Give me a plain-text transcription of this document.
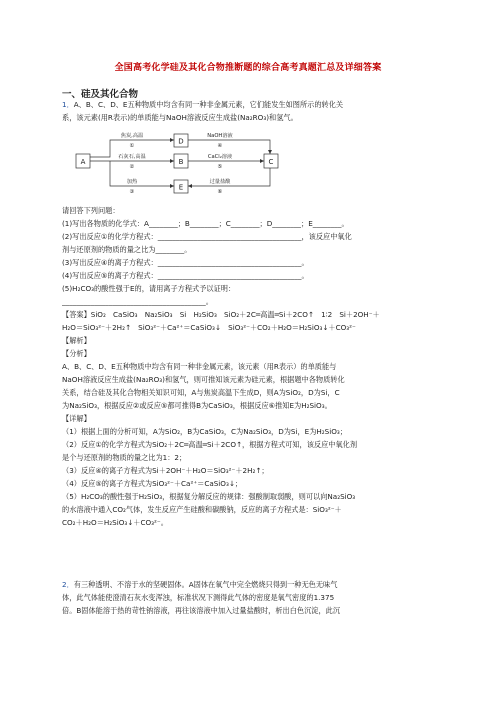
全国高考化学硅及其化合物推断题的综合高考真题汇总及详细答案
一、硅及其化合物
1．A、B、C、D、E五种物质中均含有同一种非金属元素，它们能发生如图所示的转化关
系，该元素(用R表示)的单质能与NaOH溶液反应生成盐(Na₂RO₃)和氢气。
A
D
B
E
C
焦炭,高温
①
石灰石,高温
②
加热
③
NaOH溶液
④
CaCl₂溶液
⑤
过量盐酸
⑥
请回答下列问题：
(1)写出各物质的化学式：A________；B________；C________；D________；E________。
(2)写出反应①的化学方程式：________________________________________，该反应中氧化
剂与还原剂的物质的量之比为________。
(3)写出反应④的离子方程式：________________________________________。
(4)写出反应⑤的离子方程式：________________________________________。
(5)H₂CO₃的酸性强于E的，请用离子方程式予以证明：
________________________________________。
【答案】SiO₂　CaSiO₃　Na₂SiO₃　Si　H₂SiO₃　SiO₂＋2C═高温═Si＋2CO↑　1∶2　Si＋2OH⁻＋
H₂O＝SiO₃²⁻＋2H₂↑　SiO₃²⁻＋Ca²⁺＝CaSiO₃↓　SiO₃²⁻＋CO₂＋H₂O＝H₂SiO₃↓＋CO₃²⁻
【解析】
【分析】
A、B、C、D、E五种物质中均含有同一种非金属元素，该元素（用R表示）的单质能与
NaOH溶液反应生成盐(Na₂RO₃)和氢气，则可推知该元素为硅元素，根据题中各物质转化
关系，结合硅及其化合物相关知识可知，A与焦炭高温下生成D，则A为SiO₂，D为Si，C
为Na₂SiO₃，根据反应②或反应⑤都可推得B为CaSiO₃，根据反应⑥推知E为H₂SiO₃。
【详解】
（1）根据上面的分析可知，A为SiO₂，B为CaSiO₃，C为Na₂SiO₃，D为Si，E为H₂SiO₃；
（2）反应①的化学方程式为SiO₂＋2C═高温═Si＋2CO↑，根据方程式可知，该反应中氧化剂
是个与还原剂的物质的量之比为1：2；
（3）反应④的离子方程式为Si＋2OH⁻＋H₂O＝SiO₃²⁻＋2H₂↑；
（4）反应⑤的离子方程式为SiO₃²⁻＋Ca²⁺＝CaSiO₃↓；
（5）H₂CO₃的酸性强于H₂SiO₃，根据复分解反应的规律：强酸制取弱酸，则可以向Na₂SiO₃
的水溶液中通入CO₂气体，发生反应产生硅酸和碳酸钠，反应的离子方程式是：SiO₃²⁻＋
CO₂＋H₂O＝H₂SiO₃↓＋CO₃²⁻。
2．有三种透明、不溶于水的坚硬固体。A固体在氧气中完全燃烧只得到一种无色无味气
体，此气体能使澄清石灰水变浑浊，标准状况下测得此气体的密度是氧气密度的1.375
倍。B固体能溶于热的苛性钠溶液，再往该溶液中加入过量盐酸时，析出白色沉淀，此沉
